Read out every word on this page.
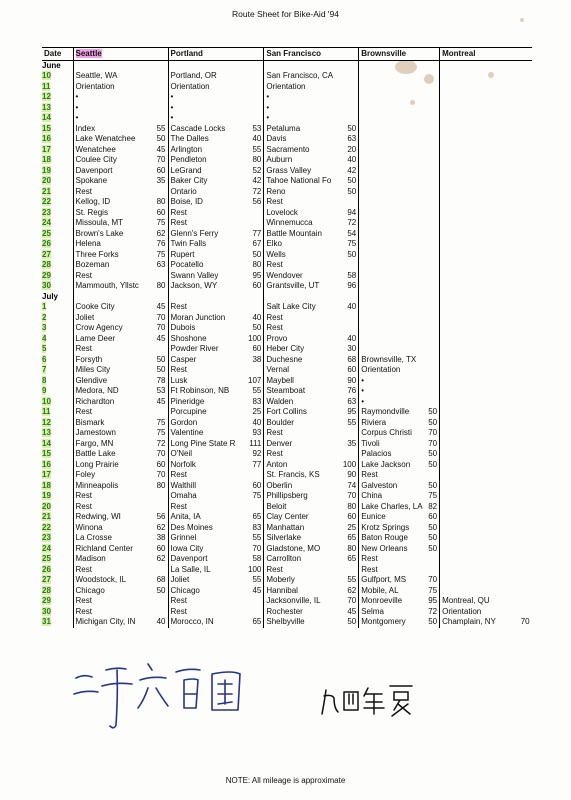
Route Sheet for Bike-Aid '94
Date	Seattle		Portland		San Francisco		Brownsville		Montreal	
June										
10	Seattle, WA		Portland, OR		San Francisco, CA					
11	Orientation		Orientation		Orientation					
12	•		•		•					
13	•		•		•					
14	•		•		•					
15	Index	55	Cascade Locks	53	Petaluma	50				
16	Lake Wenatchee	50	The Dalles	40	Davis	63				
17	Wenatchee	45	Arlington	55	Sacramento	20				
18	Coulee City	70	Pendleton	80	Auburn	40				
19	Davenport	60	LeGrand	52	Grass Valley	42				
20	Spokane	35	Baker City	42	Tahoe National Fo	50				
21	Rest		Ontario	72	Reno	50				
22	Kellog, ID	80	Boise, ID	56	Rest					
23	St. Regis	60	Rest		Lovelock	94				
24	Missoula, MT	75	Rest		Winnemucca	72				
25	Brown's Lake	62	Glenn's Ferry	77	Battle Mountain	54				
26	Helena	76	Twin Falls	67	Elko	75				
27	Three Forks	75	Rupert	50	Wells	50				
28	Bozeman	63	Pocatello	80	Rest					
29	Rest		Swann Valley	95	Wendover	58				
30	Mammouth, Yllstc	80	Jackson, WY	60	Grantsville, UT	96				
July										
1	Cooke City	45	Rest		Salt Lake City	40				
2	Joliet	70	Moran Junction	40	Rest					
3	Crow Agency	70	Dubois	50	Rest					
4	Lame Deer	45	Shoshone	100	Provo	40				
5	Rest		Powder River	60	Heber City	30				
6	Forsyth	50	Casper	38	Duchesne	68	Brownsville, TX			
7	Miles City	50	Rest		Vernal	60	Orientation			
8	Glendive	78	Lusk	107	Maybell	90	•			
9	Medora, ND	53	Ft Robinson, NB	55	Steamboat	76	•			
10	Richardton	45	Pineridge	83	Walden	63	•			
11	Rest		Porcupine	25	Fort Collins	95	Raymondville	50		
12	Bismark	75	Gordon	40	Boulder	55	Riviera	50		
13	Jamestown	75	Valentine	93	Rest		Corpus Christi	70		
14	Fargo, MN	72	Long Pine State R	111	Denver	35	Tivoli	70		
15	Battle Lake	70	O'Neil	92	Rest		Palacios	50		
16	Long Prairie	60	Norfolk	77	Anton	100	Lake Jackson	50		
17	Foley	70	Rest		St. Francis, KS	90	Rest			
18	Minneapolis	80	Walthill	60	Oberlin	74	Galveston	50		
19	Rest		Omaha	75	Phillipsberg	70	China	75		
20	Rest		Rest		Beloit	80	Lake Charles, LA	82		
21	Redwing, WI	56	Anita, IA	65	Clay Center	60	Eunice	60		
22	Winona	62	Des Moines	83	Manhattan	25	Krotz Springs	50		
23	La Crosse	38	Grinnel	55	Silverlake	65	Baton Rouge	50		
24	Richland Center	60	Iowa City	70	Gladstone, MO	80	New Orleans	50		
25	Madison	62	Davenport	58	Carrollton	65	Rest			
26	Rest		La Salle, IL	100	Rest		Rest			
27	Woodstock, IL	68	Joliet	55	Moberly	55	Gulfport, MS	70		
28	Chicago	50	Chicago	45	Hannibal	62	Mobile, AL	75		
29	Rest		Rest		Jacksonville, IL	70	Monroeville	95	Montreal, QU	
30	Rest		Rest		Rochester	45	Selma	72	Orientation	
31	Michigan City, IN	40	Morocco, IN	65	Shelbyville	50	Montgomery	50	Champlain, NY	70
NOTE: All mileage is approximate
